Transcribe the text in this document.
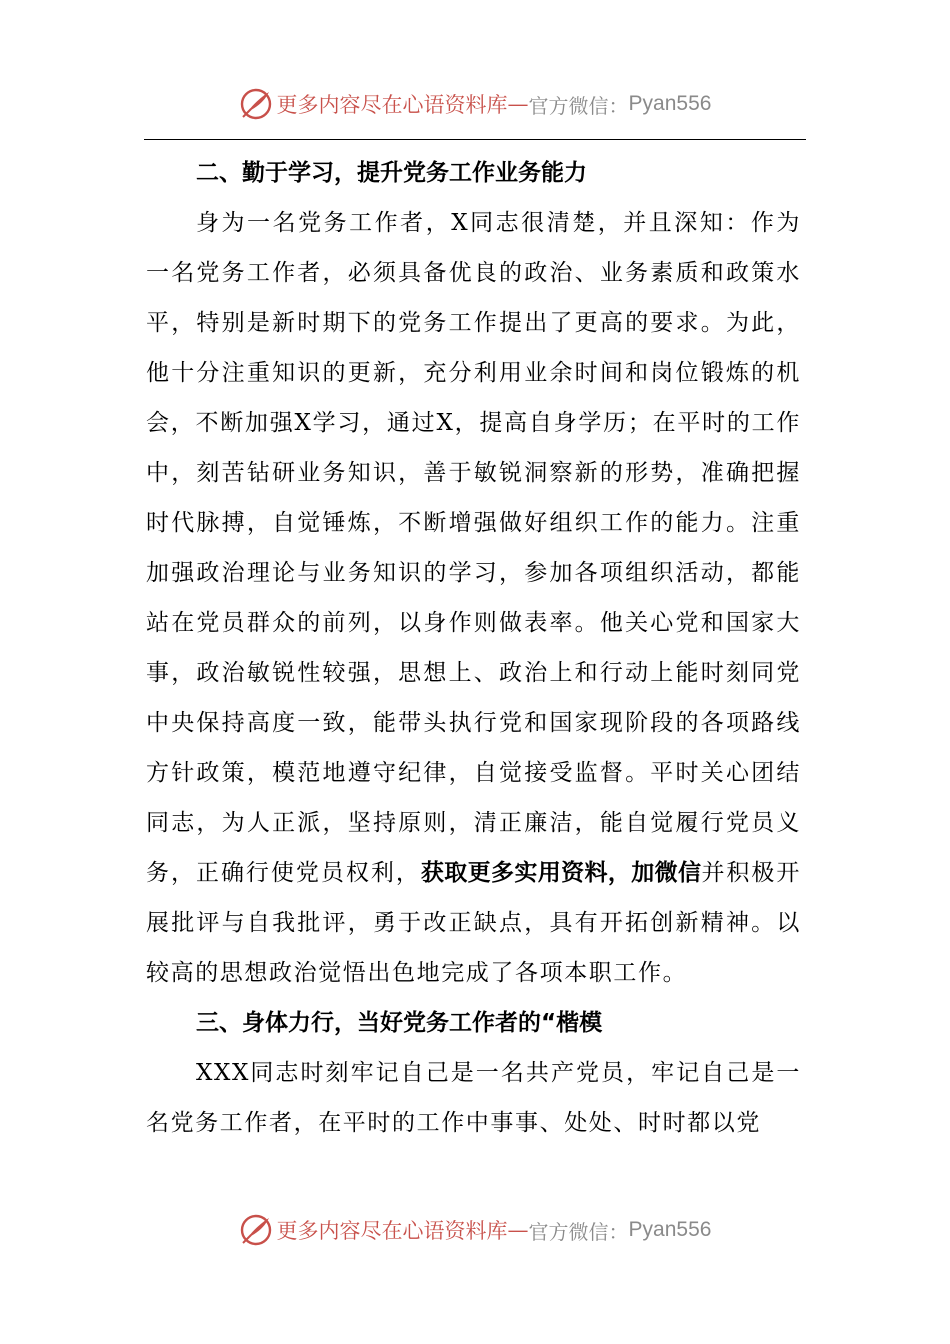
更多内容尽在心语资料库 — 官方微信： Pyan556

二、勤于学习，提升党务工作业务能力

身为一名党务工作者，X同志很清楚，并且深知：作为一名党务工作者，必须具备优良的政治、业务素质和政策水平，特别是新时期下的党务工作提出了更高的要求。为此，他十分注重知识的更新，充分利用业余时间和岗位锻炼的机会，不断加强X学习，通过X，提高自身学历；在平时的工作中，刻苦钻研业务知识，善于敏锐洞察新的形势，准确把握时代脉搏，自觉锤炼，不断增强做好组织工作的能力。注重加强政治理论与业务知识的学习，参加各项组织活动，都能站在党员群众的前列，以身作则做表率。他关心党和国家大事，政治敏锐性较强，思想上、政治上和行动上能时刻同党中央保持高度一致，能带头执行党和国家现阶段的各项路线方针政策，模范地遵守纪律，自觉接受监督。平时关心团结同志，为人正派，坚持原则，清正廉洁，能自觉履行党员义务，正确行使党员权利，获取更多实用资料，加微信并积极开展批评与自我批评，勇于改正缺点，具有开拓创新精神。以较高的思想政治觉悟出色地完成了各项本职工作。

三、身体力行，当好党务工作者的“楷模

XXX同志时刻牢记自己是一名共产党员，牢记自己是一名党务工作者，在平时的工作中事事、处处、时时都以党

更多内容尽在心语资料库 — 官方微信： Pyan556
